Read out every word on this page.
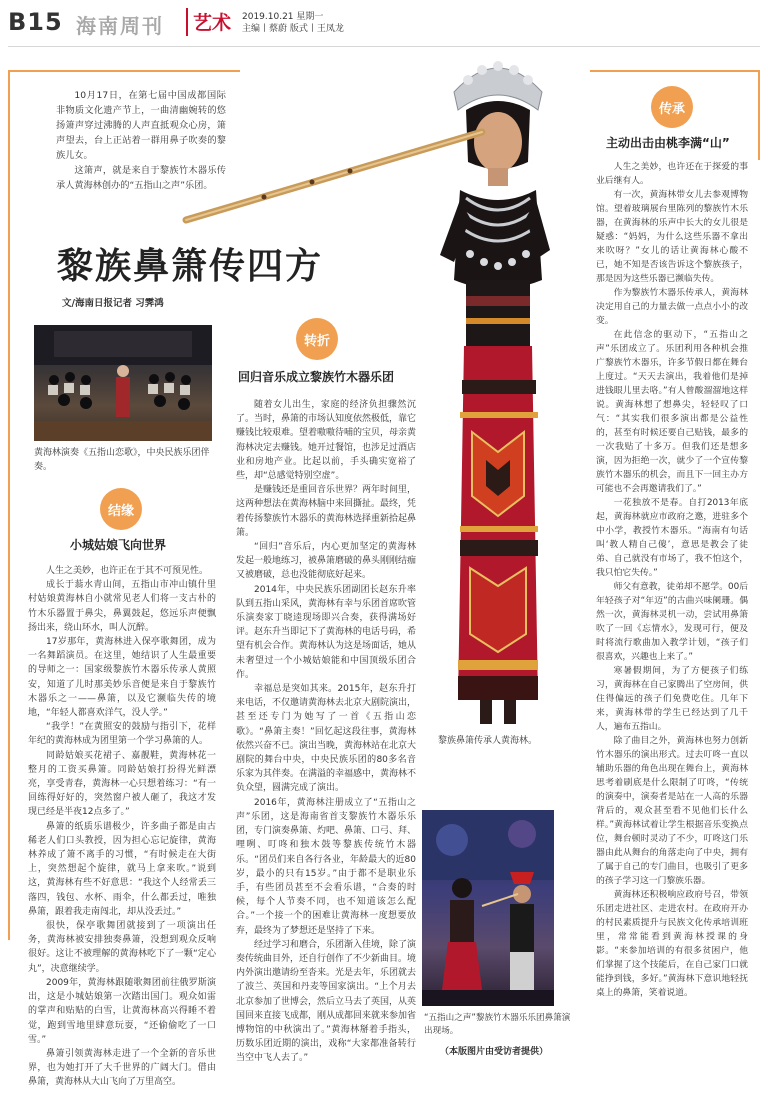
B15 海南周刊 艺术 2019.10.21 星期一
主编丨蔡蔚 版式丨王凤龙

10月17日，在第七届中国成都国际非物质文化遗产节上，一曲清幽婉转的悠扬箫声穿过沸腾的人声直抵观众心房，箫声望去，台上正站着一群用鼻子吹奏的黎族儿女。

这箫声，就是来自于黎族竹木器乐传承人黄海林创办的“五指山之声”乐团。

黎族鼻箫传四方
文/海南日报记者 习霁鸿
黄海林演奏《五指山恋歌》，中央民族乐团伴奏。
结缘
小城姑娘飞向世界

人生之美妙，也许正在于其不可预见性。

成长于蓊水青山间，五指山市冲山镇什里村姑娘黄海林自小就常见老人们将一支古朴的竹木乐器置于鼻尖，鼻翼鼓起，悠远乐声便飘扬出来，绕山环水，叫人沉醉。

17岁那年，黄海林进入保亭歌舞团，成为一名舞蹈演员。在这里，她结识了人生最重要的导师之一：国家级黎族竹木器乐传承人黄照安，知道了儿时那美妙乐音便是来自于黎族竹木器乐之一——鼻箫，以及它濒临失传的境地，“年轻人都喜欢洋气，没人学。”

“我学！”在黄照安的鼓励与指引下，花样年纪的黄海林成为团里第一个学习鼻箫的人。

同龄姑娘买花裙子、嘉靓鞋，黄海林花一整月的工资买鼻箫。同龄姑娘打扮得光鲜漂亮，享受青春，黄海林一心只想着练习：“有一回练得好好的，突然窗户被人砸了，我这才发现已经是半夜12点多了。”

鼻箫的纸质乐谱极少，许多曲子都是由古稀老人们口头教授，因为担心忘记旋律，黄海林养成了箫不离手的习惯，“有时候走在大街上，突然想起个旋律，就马上拿来吹。”说到这，黄海林有些不好意思：“我这个人经常丢三落四，钱包、水杯、雨伞，什么都丢过，唯独鼻箫，跟着我走南闯北，却从没丢过。”

很快，保亭歌舞团就接到了一项演出任务，黄海林被安排独奏鼻箫，没想到观众反响很好。这让不被理解的黄海林吃下了一颗“定心丸”，决意继续学。

2009年，黄海林跟随歌舞团前往俄罗斯演出，这是小城姑娘第一次踏出国门。观众如雷的掌声和贴贴的白雪，让黄海林高兴得睡不着觉，跑到雪地里肆意玩耍，“还偷偷吃了一口雪。”

鼻箫引领黄海林走进了一个全新的音乐世界，也为她打开了大千世界的广阔大门。借由鼻箫，黄海林从大山飞向了万里高空。

转折
回归音乐成立黎族竹木器乐团

随着女儿出生，家庭的经济负担骤然沉了。当时，鼻箫的市场认知度依然极低，靠它赚钱比较艰难。望着嗷嗷待哺的宝贝，母亲黄海林决定去赚钱。她开过餐馆，也涉足过酒店业和房地产业。比起以前，手头确实宽裕了些，却“总感觉特别空虚”。

是赚钱还是重回音乐世界？两年时间里，这两种想法在黄海林脑中来回撕扯。最终，凭着传扬黎族竹木器乐的黄海林选择重新拾起鼻箫。

“回归”音乐后，内心更加坚定的黄海林发起一般地练习，被鼻箫磨破的鼻头刚刚结痂又被磨破，总也没能彻底好起来。

2014年，中央民族乐团副团长赵东升率队到五指山采风，黄海林有幸与乐团首席吹管乐演奏家丁晓逵现场即兴合奏，获得满场好评。赵东升当即记下了黄海林的电话号码，希望有机会合作。黄海林认为这是场面话，她从未奢望过一个小城姑娘能和中国顶级乐团合作。

幸福总是突如其来。2015年，赵东升打来电话，不仅邀请黄海林去北京大剧院演出，甚至还专门为她写了一首《五指山恋歌》。“鼻箫主奏！”回忆起这段往事，黄海林依然兴奋不已。演出当晚，黄海林站在北京大剧院的舞台中央，中央民族乐团的80多名音乐家为其伴奏。在满溢的幸福感中，黄海林不负众望，圆满完成了演出。

2016年，黄海林注册成立了“五指山之声”乐团，这是海南省首支黎族竹木器乐乐团，专门演奏鼻箫、灼吧、鼻箫、口弓、拜、哩咧、叮咚和独木鼓等黎族传统竹木器乐。“团员们来自各行各业，年龄最大的近80岁，最小的只有15岁。”由于都不是职业乐手，有些团员甚至不会看乐谱，“合奏的时候，每个人节奏不同，也不知道该怎么配合。”一个接一个的困难让黄海林一度想要放弃，最终为了梦想还是坚持了下来。

经过学习和磨合，乐团渐入佳境，除了演奏传统曲目外，还自行创作了不少新曲目。境内外演出邀请纷至沓来。光是去年，乐团就去了波兰、英国和丹麦等国家演出。“上个月去北京参加了世博会，然后立马去了英国，从英国回来直接飞成都，刚从成都回来就来参加省博物馆的中秋演出了。”黄海林掰着手指头，历数乐团近期的演出，戏称“大家都准备转行当空中飞人去了。”

黎族鼻箫传承人黄海林。
“五指山之声”黎族竹木器乐乐团鼻箫演出现场。
（本版图片由受访者提供）
传承
主动出击由桃李满“山”

人生之美妙，也许还在于探爱的事业后继有人。

有一次，黄海林带女儿去参观博物馆。望着玻璃展台里陈列的黎族竹木乐器，在黄海林的乐声中长大的女儿很是疑惑：“妈妈，为什么这些乐器不拿出来吹呀？”女儿的话让黄海林心酸不已，她不知是否该告诉这个黎族孩子，那是因为这些乐器已濒临失传。

作为黎族竹木器乐传承人，黄海林决定用自己的力量去做一点点小小的改变。

在此信念的驱动下，“五指山之声”乐团成立了。乐团利用各种机会推广黎族竹木器乐，许多节假日都在舞台上度过。“天天去演出，我着他们是掉进钱眼儿里去咯。”有人曾酸溜溜地这样说。黄海林想了想鼻尖，轻轻叹了口气：“其实我们很多演出都是公益性的，甚至有时候还要自己贴钱，最多的一次我贴了十多万。但我们还是想多演，因为拒绝一次，就少了一个宣传黎族竹木器乐的机会，而且下一回主办方可能也不会再邀请我们了。”

一花独放不是春。自打2013年底起，黄海林就应市政府之邀，进驻多个中小学，教授竹木器乐。“海南有句话叫‘教人精自己傻’，意思是教会了徒弟、自己就没有市场了，我不怕这个，我只怕它失传。”

师父有意教，徒弟却不愿学。00后年轻孩子对“年迈”的古曲兴味阑珊。偶然一次，黄海林灵机一动，尝试用鼻箫吹了一回《忘情水》，发现可行，便及时将流行歌曲加入教学计划，“孩子们很喜欢，兴趣也上来了。”

寒暑假期间，为了方便孩子们练习，黄海林在自己家腾出了空房间，供住得偏远的孩子们免费吃住。几年下来，黄海林带的学生已经达到了几千人，遍布五指山。

除了曲目之外，黄海林也努力创新竹木器乐的演出形式。过去叮咚一直以辅助乐器的角色出现在舞台上，黄海林思考着刷底是什么限制了叮咚，“传统的演奏中，演奏者是站在一人高的乐器背后的，观众甚至看不见他们长什么样。”黄海林试着让学生根据音乐变换点位，舞台顿时灵动了不少，叮咚这门乐器由此从舞台的角落走向了中央，拥有了属于自己的专门曲目，也吸引了更多的孩子学习这一门黎族乐器。

黄海林还积极响应政府号召，带领乐团走进社区、走进农村。在政府开办的村民素质提升与民族文化传承培训班里，常常能看到黄海林授课的身影。“来参加培训的有很多贫困户，他们掌握了这个技能后，在自己家门口就能挣到钱，多好。”黄海林下意识地轻抚桌上的鼻箫，笑着说道。
